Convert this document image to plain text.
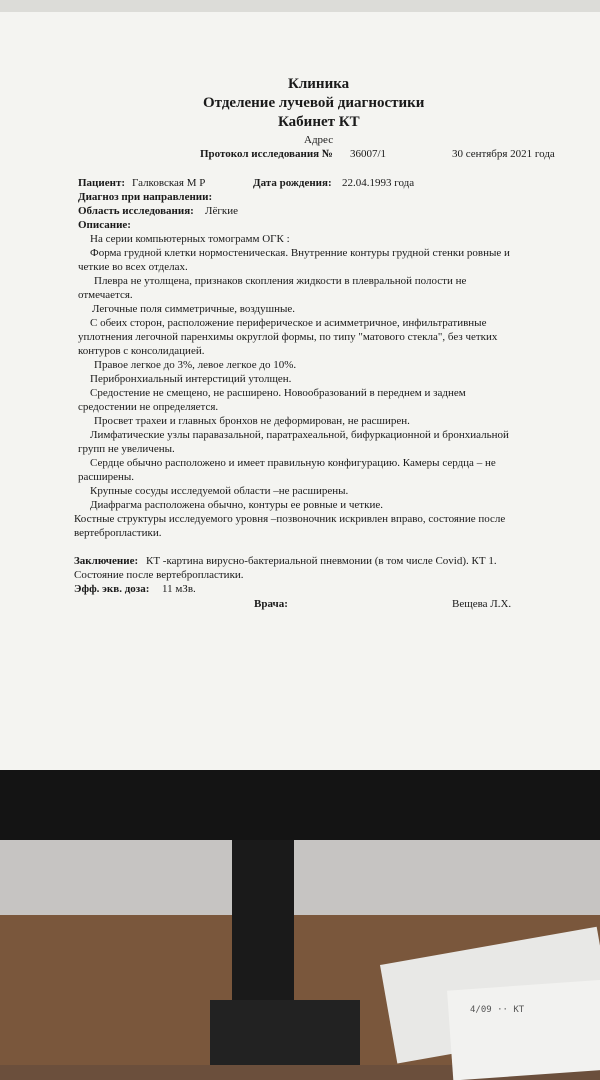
Клиника
Отделение лучевой диагностики
Кабинет КТ
Адрес
Протокол исследования № 36007/1	30 сентября 2021 года
Пациент: Галковская М Р	Дата рождения: 22.04.1993 года
Диагноз при направлении:
Область исследования: Лёгкие
Описание:
На серии компьютерных томограмм ОГК :
Форма грудной клетки нормостеническая. Внутренние контуры грудной стенки ровные и
четкие во всех отделах.
Плевра не утолщена, признаков скопления жидкости в плевральной полости не
отмечается.
Легочные поля симметричные, воздушные.
С обеих сторон, расположение периферическое и асимметричное, инфильтративные
уплотнения легочной паренхимы округлой формы, по типу "матового стекла", без четких
контуров с консолидацией.
Правое легкое до 3%, левое легкое до 10%.
Перибронхиальный интерстиций утолщен.
Средостение не смещено, не расширено. Новообразований в переднем и заднем
средостении не определяется.
Просвет трахеи и главных бронхов не деформирован, не расширен.
Лимфатические узлы паравазальной, паратрахеальной, бифуркационной и бронхиальной
групп не увеличены.
Сердце обычно расположено и имеет правильную конфигурацию. Камеры сердца – не
расширены.
Крупные сосуды исследуемой области –не расширены.
Диафрагма расположена обычно, контуры ее ровные и четкие.
Костные структуры исследуемого уровня –позвоночник искривлен вправо, состояние после
вертебропластики.
Заключение: КТ -картина вирусно-бактериальной пневмонии (в том числе Covid). КТ 1.
Состояние после вертебропластики.
Эфф. экв. доза: 11 мЗв.
Врача:	Вещева Л.Х.
4/09 ·· КТ
